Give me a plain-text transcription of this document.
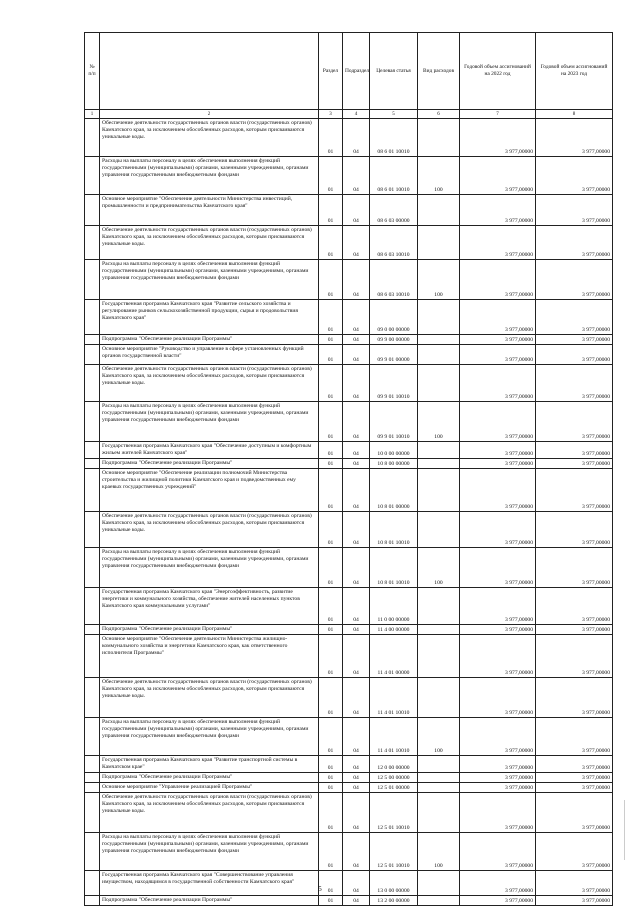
№ п/п		Раздел	Подраздел	Целевая статья	Вид расходов	Годовой объем ассигнований на 2022 год	Годовой объем ассигнований на 2023 год
1	2	3	4	5	6	7	8
	Обеспечение деятельности государственных органов власти (государственных органов) Камчатского края, за исключением обособленных расходов, которым присваиваются уникальные коды.	01	04	08 6 01 10010		3 977,00000	3 977,00000
	Расходы на выплаты персоналу в целях обеспечения выполнения функций государственными (муниципальными) органами, казенными учреждениями, органами управления государственными внебюджетными фондами	01	04	08 6 01 10010	100	3 977,00000	3 977,00000
	Основное мероприятие "Обеспечение деятельности Министерства инвестиций, промышленности и предпринимательства Камчатского края"	01	04	08 6 03 00000		3 977,00000	3 977,00000
	Обеспечение деятельности государственных органов власти (государственных органов) Камчатского края, за исключением обособленных расходов, которым присваиваются уникальные коды.	01	04	08 6 03 10010		3 977,00000	3 977,00000
	Расходы на выплаты персоналу в целях обеспечения выполнения функций государственными (муниципальными) органами, казенными учреждениями, органами управления государственными внебюджетными фондами	01	04	08 6 03 10010	100	3 977,00000	3 977,00000
	Государственная программа Камчатского края "Развитие сельского хозяйства и регулирование рынков сельскохозяйственной продукции, сырья и продовольствия Камчатского края"	01	04	09 0 00 00000		3 977,00000	3 977,00000
	Подпрограмма "Обеспечение реализации Программы"	01	04	09 9 00 00000		3 977,00000	3 977,00000
	Основное мероприятие "Руководство и управление в сфере установленных функций органов государственной власти"	01	04	09 9 01 00000		3 977,00000	3 977,00000
	Обеспечение деятельности государственных органов власти (государственных органов) Камчатского края, за исключением обособленных расходов, которым присваиваются уникальные коды.	01	04	09 9 01 10010		3 977,00000	3 977,00000
	Расходы на выплаты персоналу в целях обеспечения выполнения функций государственными (муниципальными) органами, казенными учреждениями, органами управления государственными внебюджетными фондами	01	04	09 9 01 10010	100	3 977,00000	3 977,00000
	Государственная программа Камчатского края "Обеспечение доступным и комфортным жильем жителей Камчатского края"	01	04	10 0 00 00000		3 977,00000	3 977,00000
	Подпрограмма "Обеспечение реализации Программы"	01	04	10 8 00 00000		3 977,00000	3 977,00000
	Основное мероприятие "Обеспечение реализации полномочий Министерства строительства и жилищной политики Камчатского края и подведомственных ему краевых государственных учреждений"	01	04	10 8 01 00000		3 977,00000	3 977,00000
	Обеспечение деятельности государственных органов власти (государственных органов) Камчатского края, за исключением обособленных расходов, которым присваиваются уникальные коды.	01	04	10 8 01 10010		3 977,00000	3 977,00000
	Расходы на выплаты персоналу в целях обеспечения выполнения функций государственными (муниципальными) органами, казенными учреждениями, органами управления государственными внебюджетными фондами	01	04	10 8 01 10010	100	3 977,00000	3 977,00000
	Государственная программа Камчатского края "Энергоэффективность, развитие энергетики и коммунального хозяйства, обеспечение жителей населенных пунктов Камчатского края коммунальными услугами"	01	04	11 0 00 00000		3 977,00000	3 977,00000
	Подпрограмма "Обеспечение реализации Программы"	01	04	11 4 00 00000		3 977,00000	3 977,00000
	Основное мероприятие "Обеспечение деятельности Министерства жилищно-коммунального хозяйства и энергетики Камчатского края, как ответственного исполнителя Программы"	01	04	11 4 01 00000		3 977,00000	3 977,00000
	Обеспечение деятельности государственных органов власти (государственных органов) Камчатского края, за исключением обособленных расходов, которым присваиваются уникальные коды.	01	04	11 4 01 10010		3 977,00000	3 977,00000
	Расходы на выплаты персоналу в целях обеспечения выполнения функций государственными (муниципальными) органами, казенными учреждениями, органами управления государственными внебюджетными фондами	01	04	11 4 01 10010	100	3 977,00000	3 977,00000
	Государственная программа Камчатского края "Развитие транспортной системы в Камчатском крае"	01	04	12 0 00 00000		3 977,00000	3 977,00000
	Подпрограмма "Обеспечение реализации Программы"	01	04	12 5 00 00000		3 977,00000	3 977,00000
	Основное мероприятие "Управление реализацией Программы"	01	04	12 5 01 00000		3 977,00000	3 977,00000
	Обеспечение деятельности государственных органов власти (государственных органов) Камчатского края, за исключением обособленных расходов, которым присваиваются уникальные коды.	01	04	12 5 01 10010		3 977,00000	3 977,00000
	Расходы на выплаты персоналу в целях обеспечения выполнения функций государственными (муниципальными) органами, казенными учреждениями, органами управления государственными внебюджетными фондами	01	04	12 5 01 10010	100	3 977,00000	3 977,00000
	Государственная программа Камчатского края "Совершенствование управления имуществом, находящимся в государственной собственности Камчатского края"	01	04	13 0 00 00000		3 977,00000	3 977,00000
	Подпрограмма "Обеспечение реализации Программы"	01	04	13 2 00 00000		3 977,00000	3 977,00000
5
